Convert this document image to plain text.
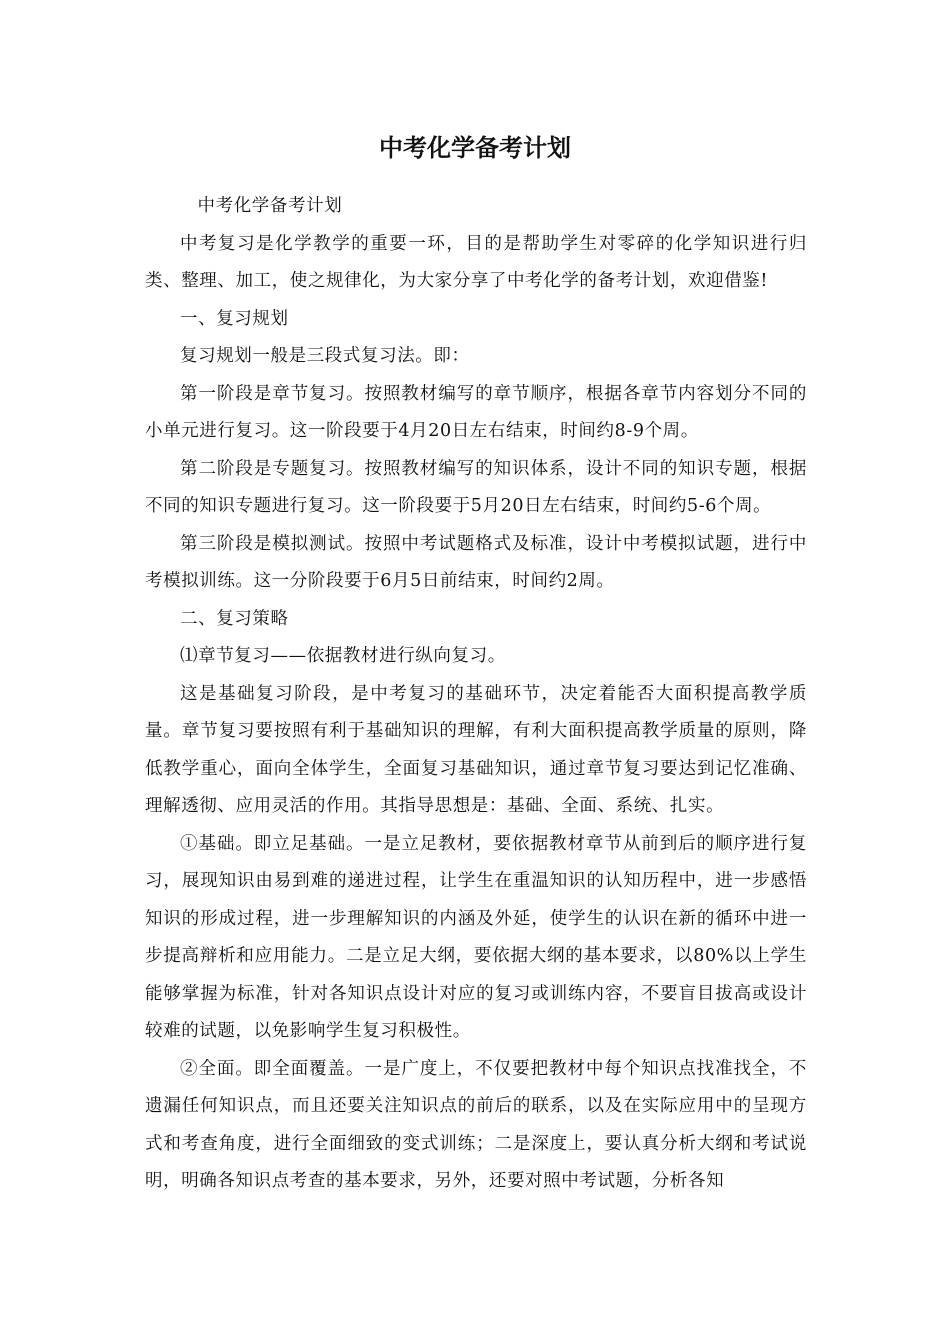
中考化学备考计划

中考化学备考计划

中考复习是化学教学的重要一环，目的是帮助学生对零碎的化学知识进行归类、整理、加工，使之规律化，为大家分享了中考化学的备考计划，欢迎借鉴!

一、复习规划

复习规划一般是三段式复习法。即：

第一阶段是章节复习。按照教材编写的章节顺序，根据各章节内容划分不同的小单元进行复习。这一阶段要于4月20日左右结束，时间约8-9个周。

第二阶段是专题复习。按照教材编写的知识体系，设计不同的知识专题，根据不同的知识专题进行复习。这一阶段要于5月20日左右结束，时间约5-6个周。

第三阶段是模拟测试。按照中考试题格式及标准，设计中考模拟试题，进行中考模拟训练。这一分阶段要于6月5日前结束，时间约2周。

二、复习策略

⑴章节复习——依据教材进行纵向复习。

这是基础复习阶段，是中考复习的基础环节，决定着能否大面积提高教学质量。章节复习要按照有利于基础知识的理解，有利大面积提高教学质量的原则，降低教学重心，面向全体学生，全面复习基础知识，通过章节复习要达到记忆准确、理解透彻、应用灵活的作用。其指导思想是：基础、全面、系统、扎实。

①基础。即立足基础。一是立足教材，要依据教材章节从前到后的顺序进行复习，展现知识由易到难的递进过程，让学生在重温知识的认知历程中，进一步感悟知识的形成过程，进一步理解知识的内涵及外延，使学生的认识在新的循环中进一步提高辩析和应用能力。二是立足大纲，要依据大纲的基本要求，以80%以上学生能够掌握为标准，针对各知识点设计对应的复习或训练内容，不要盲目拔高或设计较难的试题，以免影响学生复习积极性。

②全面。即全面覆盖。一是广度上，不仅要把教材中每个知识点找准找全，不遗漏任何知识点，而且还要关注知识点的前后的联系，以及在实际应用中的呈现方式和考查角度，进行全面细致的变式训练；二是深度上，要认真分析大纲和考试说明，明确各知识点考查的基本要求，另外，还要对照中考试题，分析各知
